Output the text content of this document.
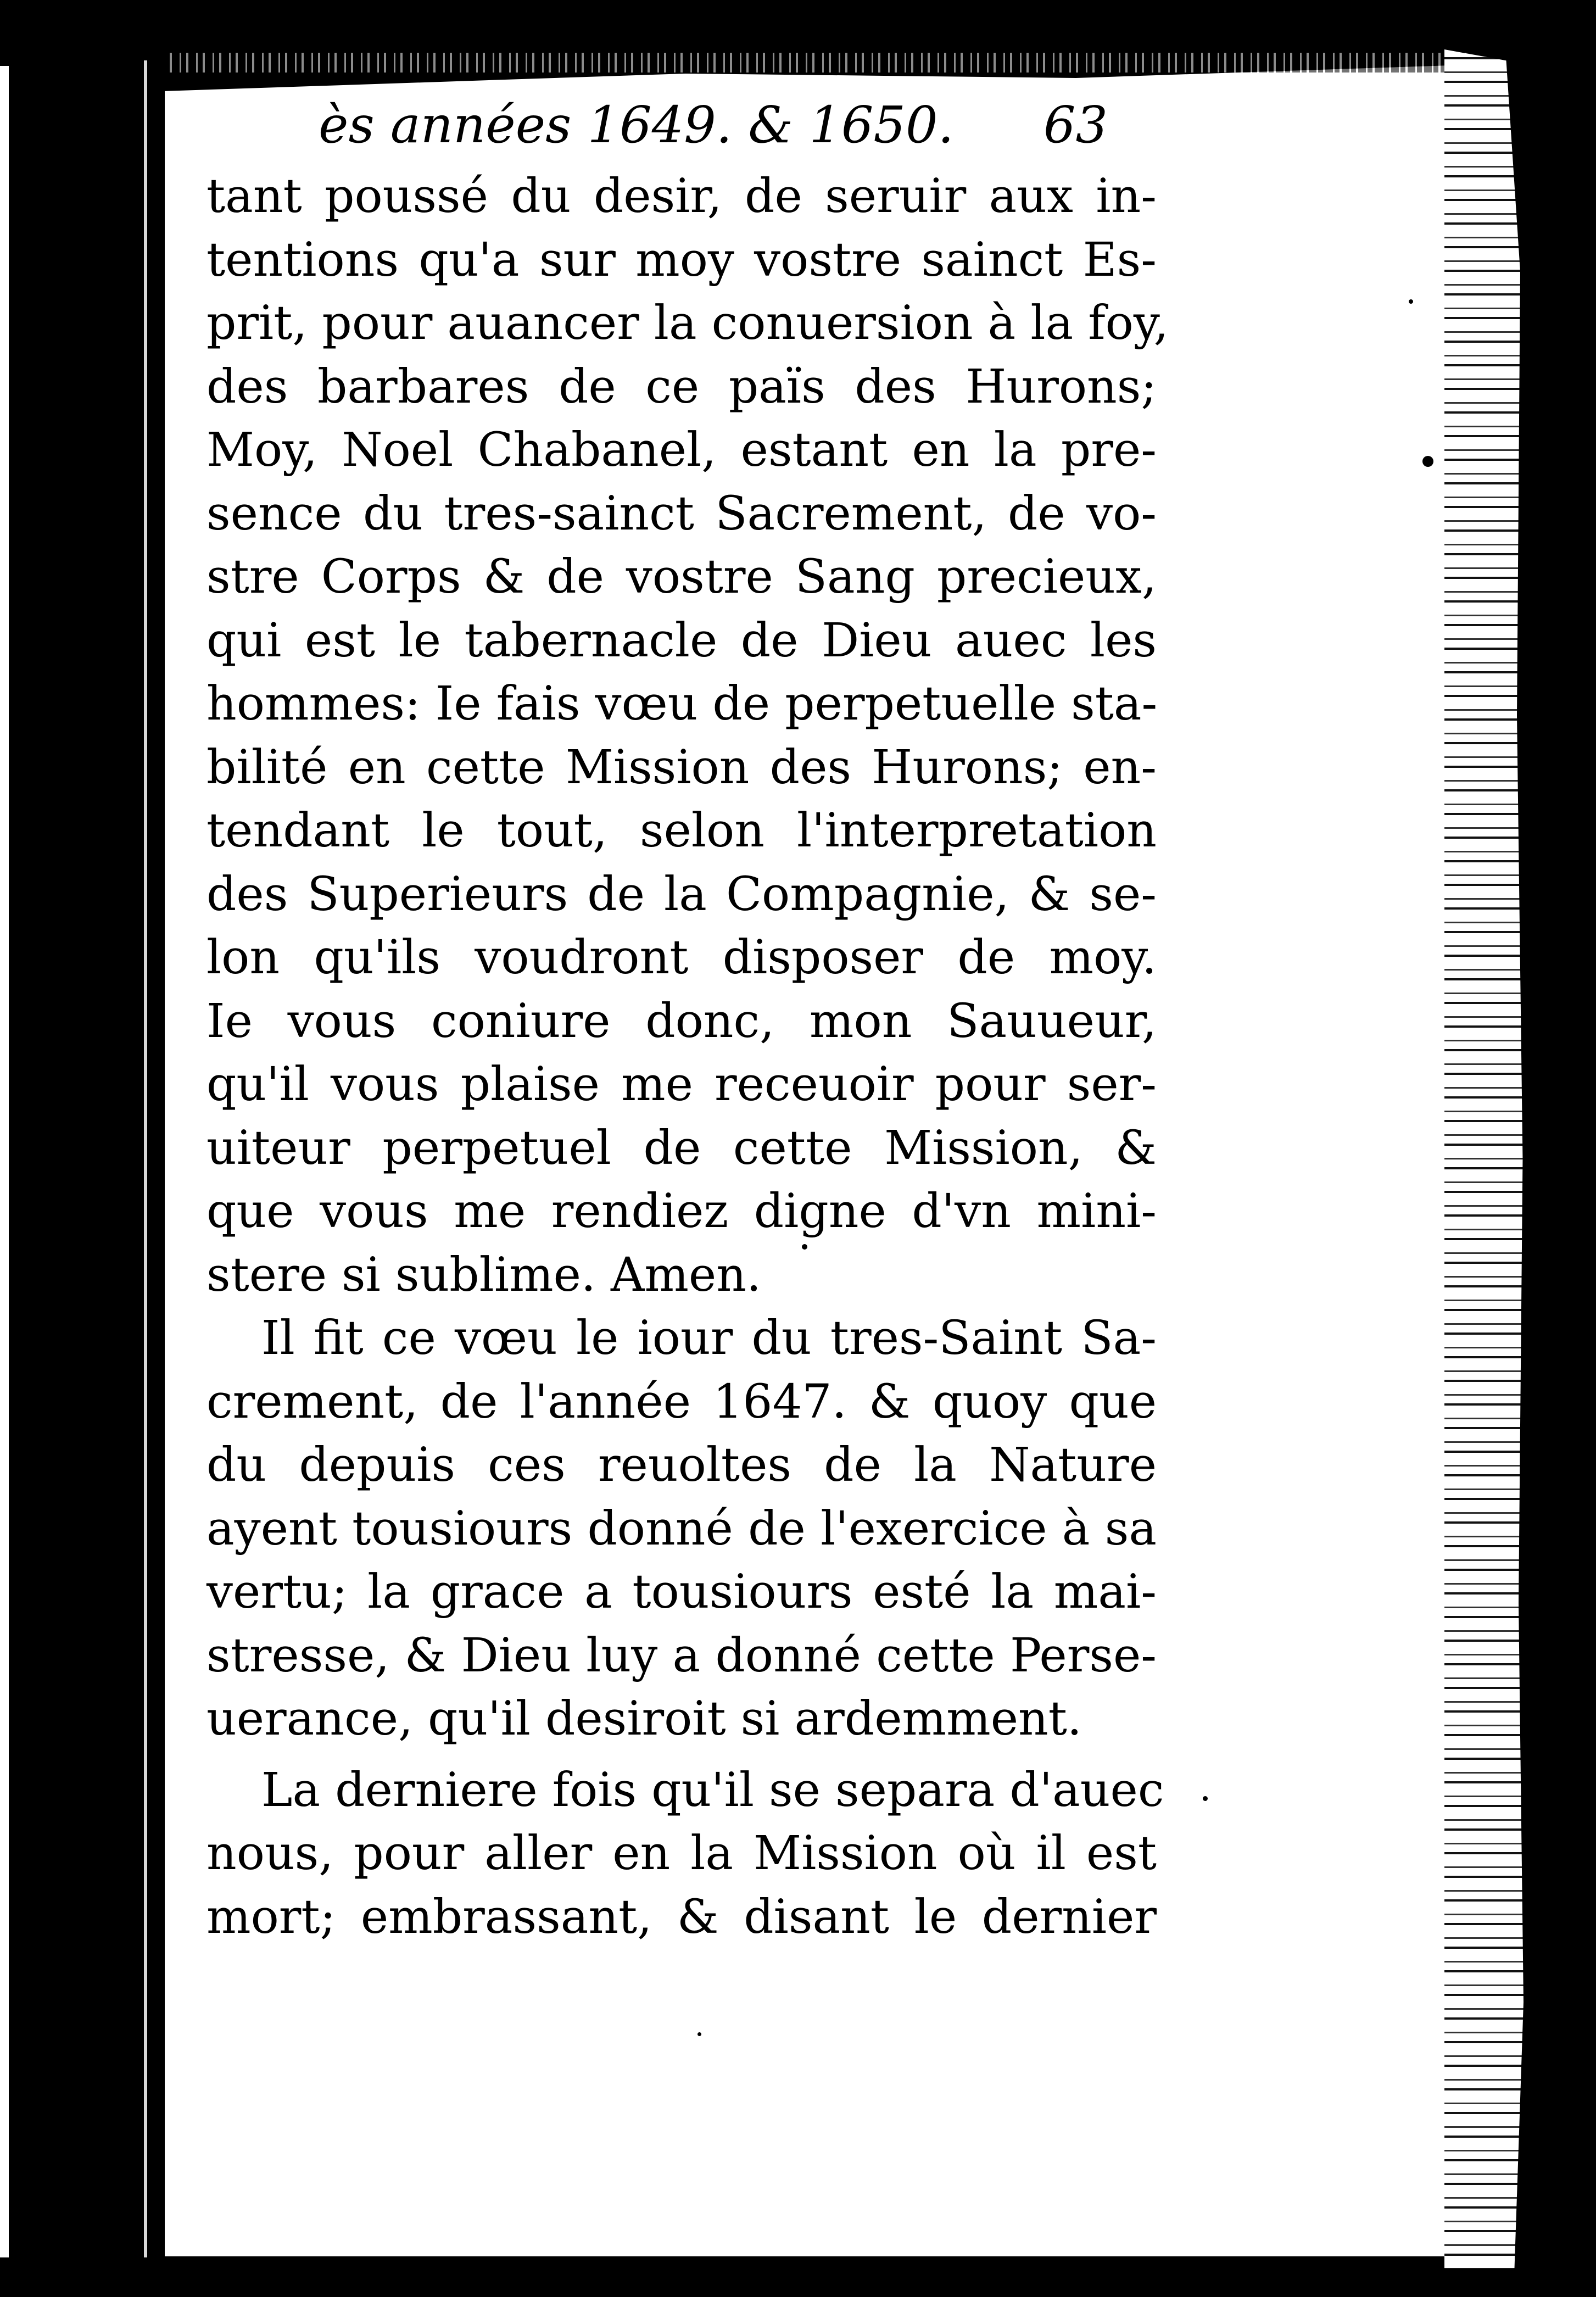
ès années 1649. & 1650.	63
tant poussé du desir, de seruir aux in-
tentions qu'a sur moy vostre sainct Es-
prit, pour auancer la conuersion à la foy,
des barbares de ce païs des Hurons;
Moy, Noel Chabanel, estant en la pre-
sence du tres-sainct Sacrement, de vo-
stre Corps & de vostre Sang precieux,
qui est le tabernacle de Dieu auec les
hommes: Ie fais vœu de perpetuelle sta-
bilité en cette Mission des Hurons; en-
tendant le tout, selon l'interpretation
des Superieurs de la Compagnie, & se-
lon qu'ils voudront disposer de moy.
Ie vous coniure donc, mon Sauueur,
qu'il vous plaise me receuoir pour ser-
uiteur perpetuel de cette Mission, &
que vous me rendiez digne d'vn mini-
stere si sublime. Amen.
Il fit ce vœu le iour du tres-Saint Sa-
crement, de l'année 1647. & quoy que
du depuis ces reuoltes de la Nature
ayent tousiours donné de l'exercice à sa
vertu; la grace a tousiours esté la mai-
stresse, & Dieu luy a donné cette Perse-
uerance, qu'il desiroit si ardemment.
La derniere fois qu'il se separa d'auec
nous, pour aller en la Mission où il est
mort; embrassant, & disant le dernier
